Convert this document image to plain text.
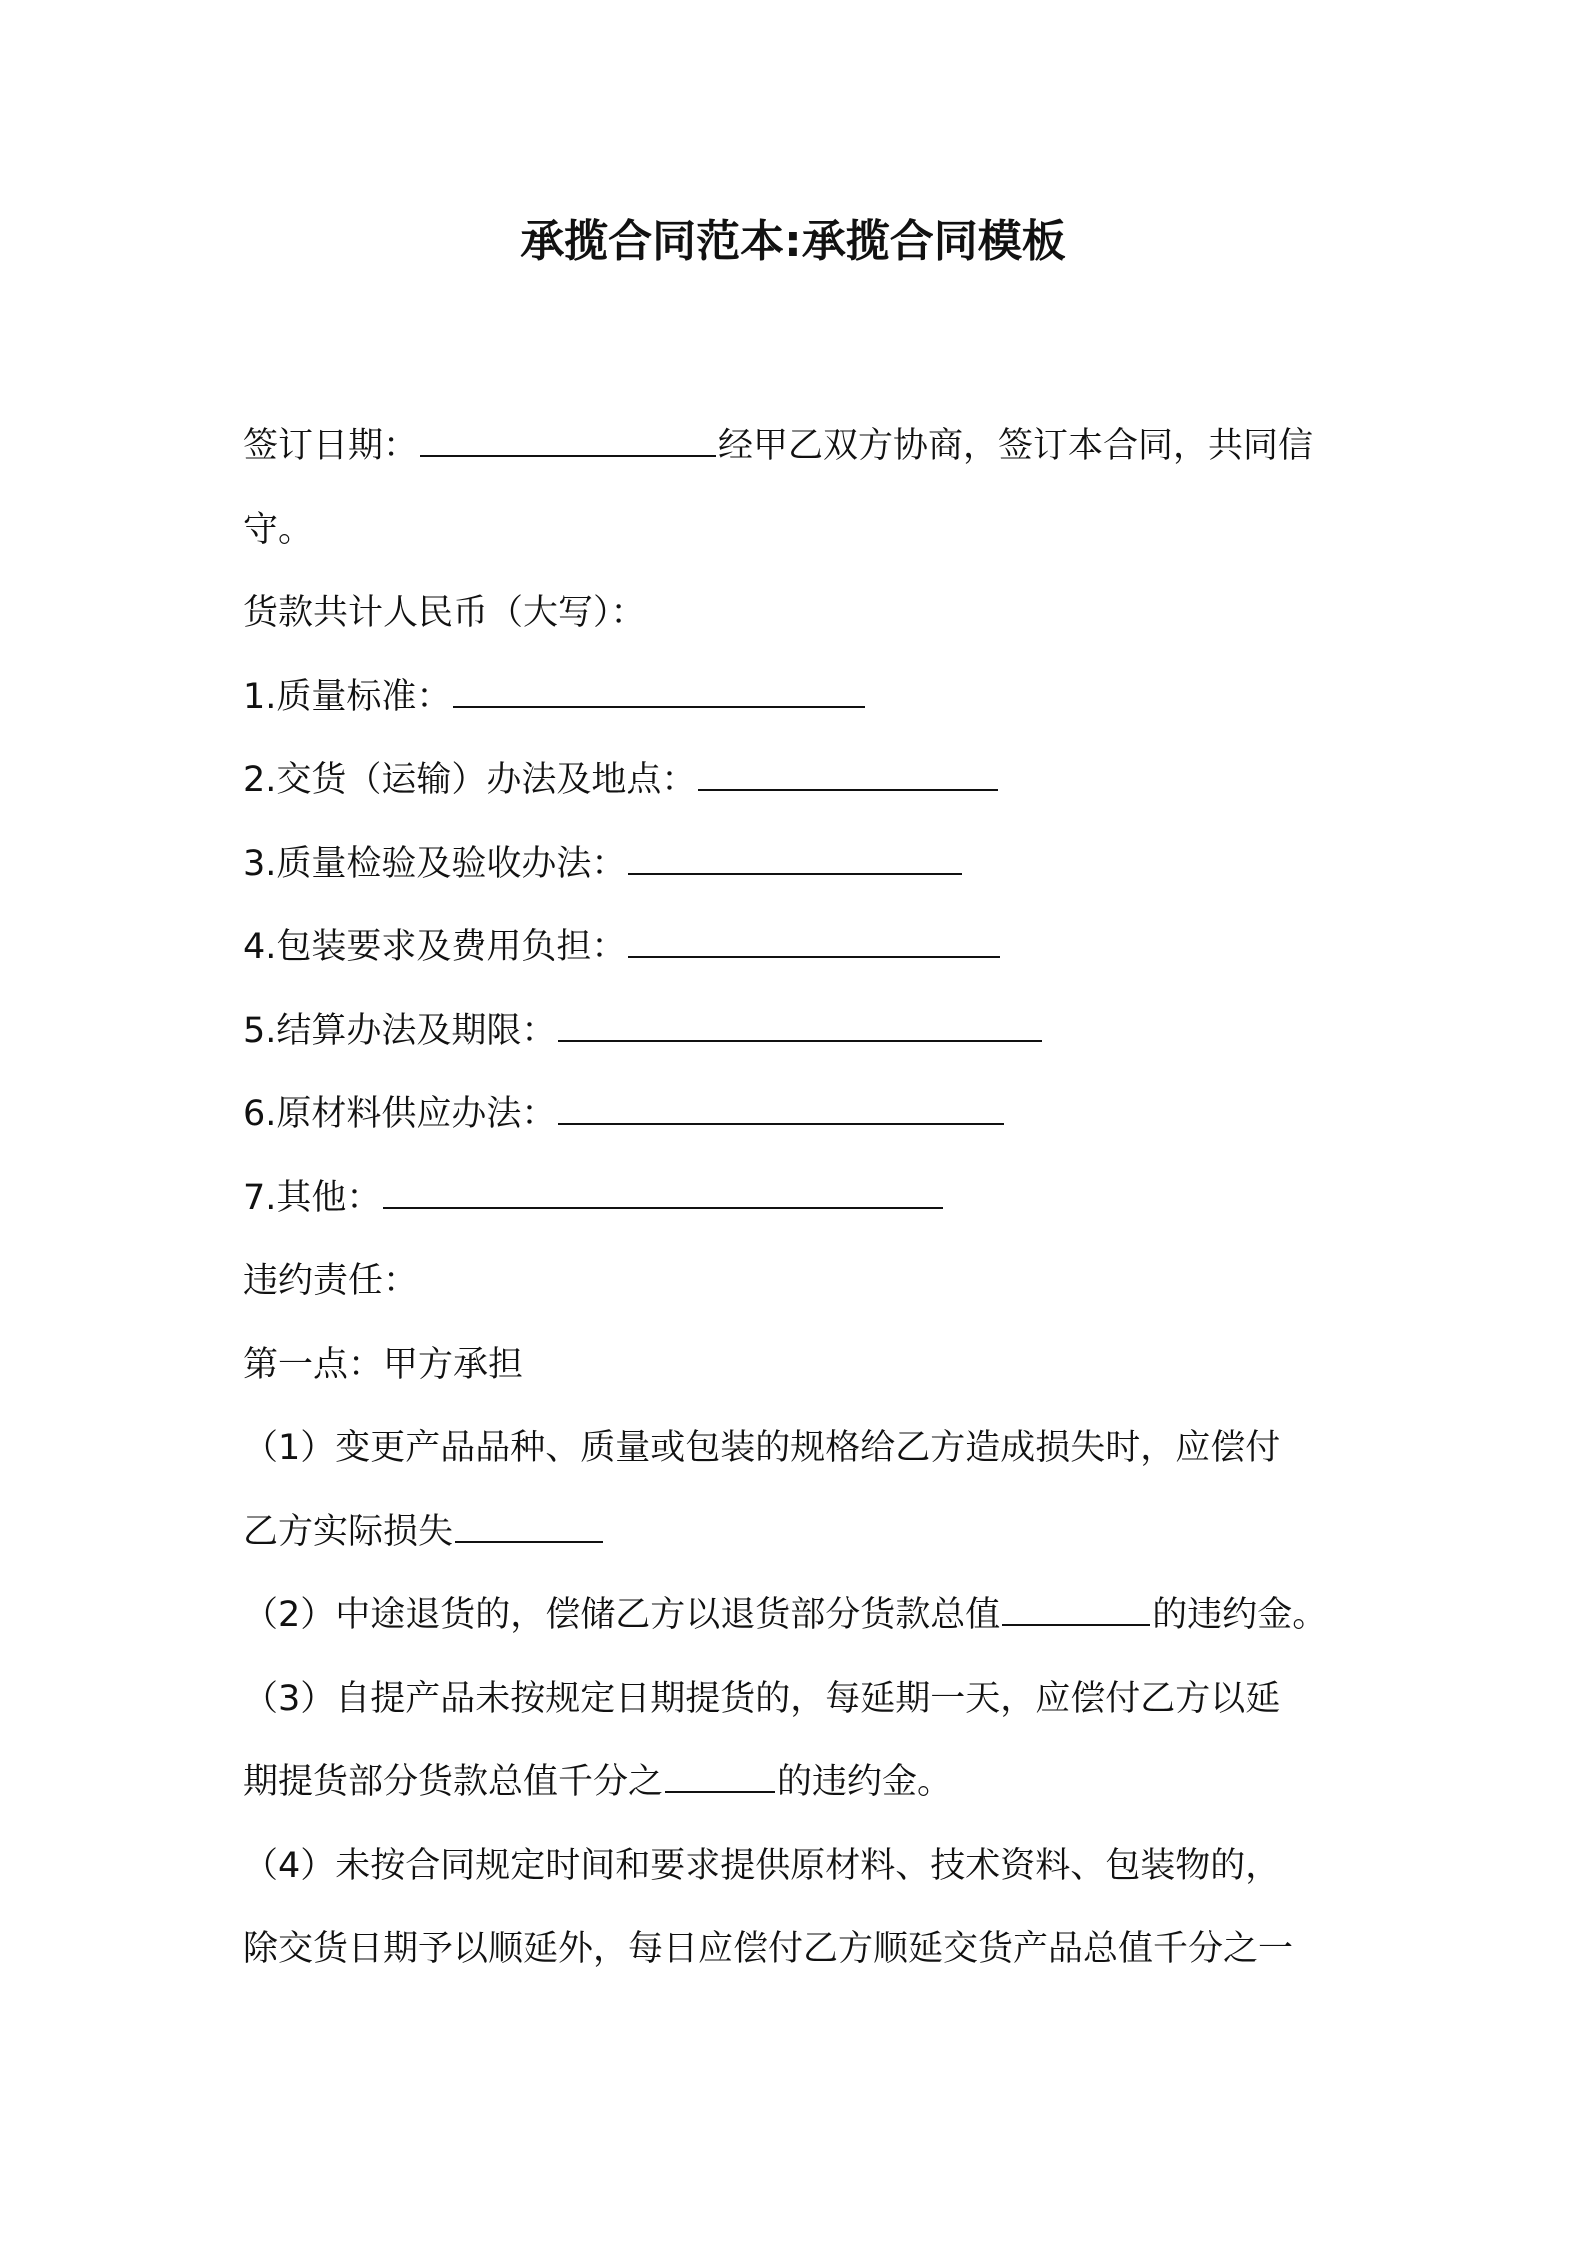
承揽合同范本:承揽合同模板
签订日期：	经甲乙双方协商，签订本合同，共同信
守。
货款共计人民币（大写）：
1.质量标准：
2.交货（运输）办法及地点：
3.质量检验及验收办法：
4.包装要求及费用负担：
5.结算办法及期限：
6.原材料供应办法：
7.其他：
违约责任：
第一点：甲方承担
（1）变更产品品种、质量或包装的规格给乙方造成损失时，应偿付
乙方实际损失
（2）中途退货的，偿储乙方以退货部分货款总值	的违约金。
（3）自提产品未按规定日期提货的，每延期一天，应偿付乙方以延
期提货部分货款总值千分之	的违约金。
（4）未按合同规定时间和要求提供原材料、技术资料、包装物的，
除交货日期予以顺延外，每日应偿付乙方顺延交货产品总值千分之一
